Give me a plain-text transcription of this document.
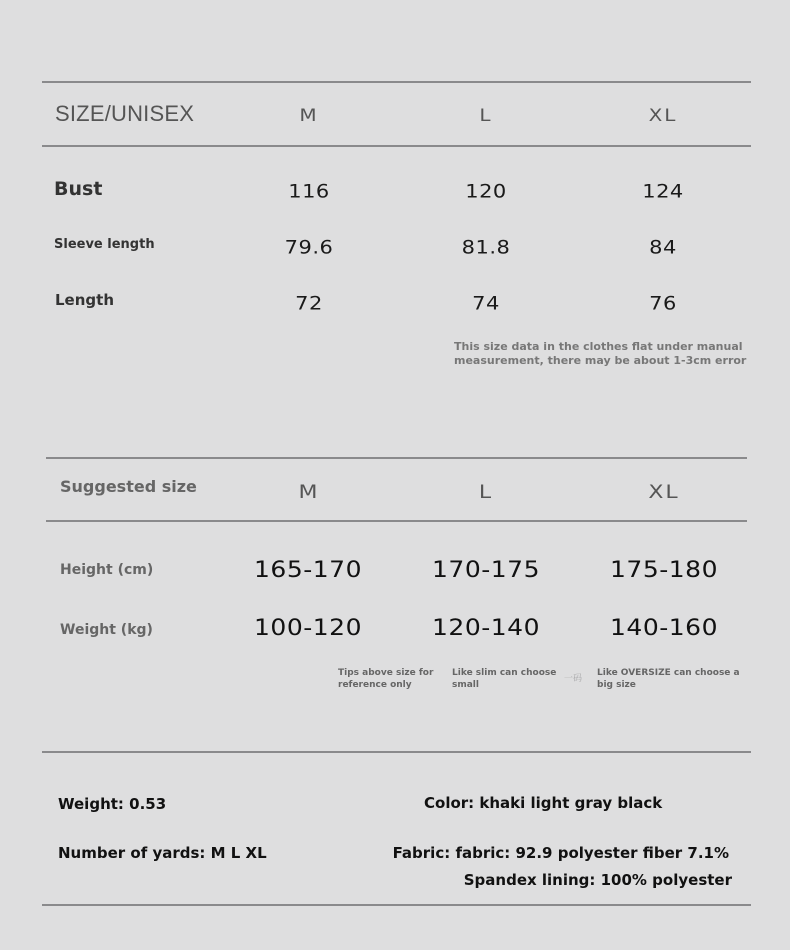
SIZE/UNISEX	M	L	XL
Bust	116	120	124
Sleeve length	79.6	81.8	84
Length	72	74	76
This size data in the clothes flat under manual
measurement, there may be about 1-3cm error
Suggested size	M	L	XL
Height (cm)	165-170	170-175	175-180
Weight (kg)	100-120	120-140	140-160
Tips above size for
reference only
Like slim can choose
small
一码
Like OVERSIZE can choose a
big size
Weight: 0.53	Color: khaki light gray black
Number of yards: M L XL	Fabric: fabric: 92.9 polyester fiber 7.1%
Spandex lining: 100% polyester
